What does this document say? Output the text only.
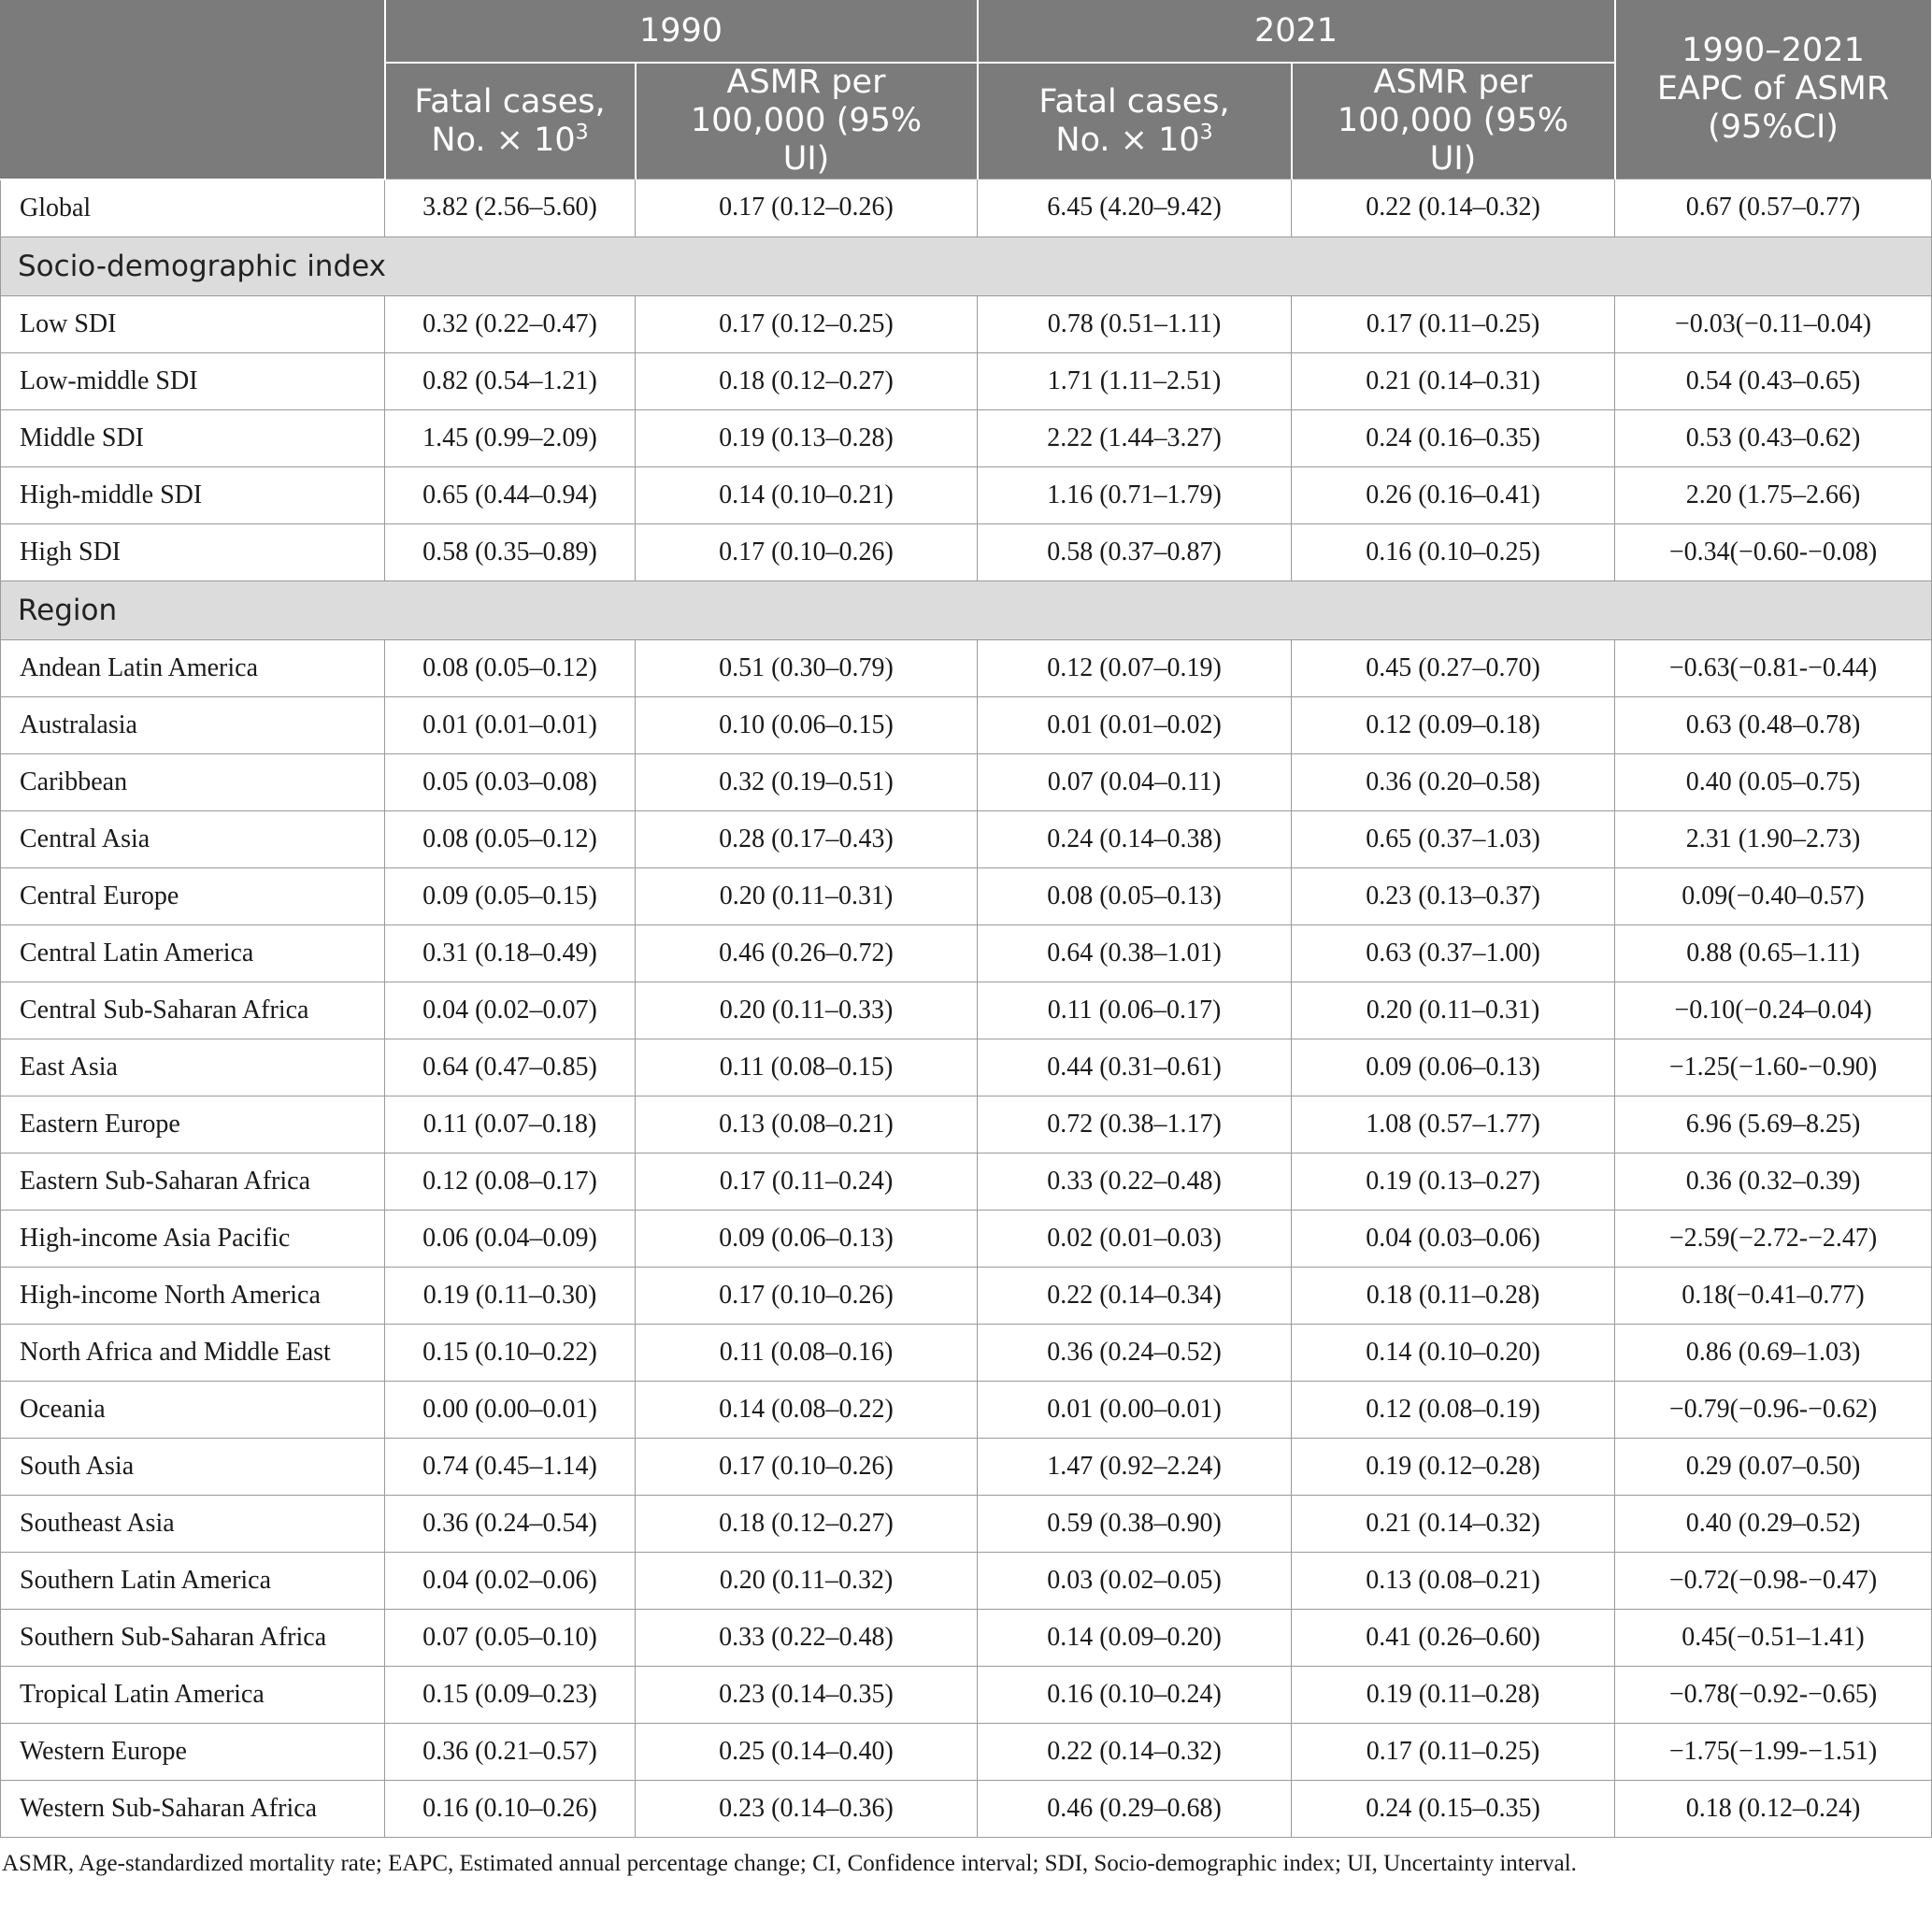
	1990		2021		1990–2021 EAPC of ASMR (95%CI)
	Fatal cases, No. × $10^3$	ASMR per 100,000 (95% UI)	Fatal cases, No. × $10^3$	ASMR per 100,000 (95% UI)	
Global	3.82 (2.56–5.60)	0.17 (0.12–0.26)	6.45 (4.20–9.42)	0.22 (0.14–0.32)	0.67 (0.57–0.77)
Socio-demographic index					
Low SDI	0.32 (0.22–0.47)	0.17 (0.12–0.25)	0.78 (0.51–1.11)	0.17 (0.11–0.25)	−0.03(−0.11–0.04)
Low-middle SDI	0.82 (0.54–1.21)	0.18 (0.12–0.27)	1.71 (1.11–2.51)	0.21 (0.14–0.31)	0.54 (0.43–0.65)
Middle SDI	1.45 (0.99–2.09)	0.19 (0.13–0.28)	2.22 (1.44–3.27)	0.24 (0.16–0.35)	0.53 (0.43–0.62)
High-middle SDI	0.65 (0.44–0.94)	0.14 (0.10–0.21)	1.16 (0.71–1.79)	0.26 (0.16–0.41)	2.20 (1.75–2.66)
High SDI	0.58 (0.35–0.89)	0.17 (0.10–0.26)	0.58 (0.37–0.87)	0.16 (0.10–0.25)	−0.34(−0.60-−0.08)
Region					
Andean Latin America	0.08 (0.05–0.12)	0.51 (0.30–0.79)	0.12 (0.07–0.19)	0.45 (0.27–0.70)	−0.63(−0.81-−0.44)
Australasia	0.01 (0.01–0.01)	0.10 (0.06–0.15)	0.01 (0.01–0.02)	0.12 (0.09–0.18)	0.63 (0.48–0.78)
Caribbean	0.05 (0.03–0.08)	0.32 (0.19–0.51)	0.07 (0.04–0.11)	0.36 (0.20–0.58)	0.40 (0.05–0.75)
Central Asia	0.08 (0.05–0.12)	0.28 (0.17–0.43)	0.24 (0.14–0.38)	0.65 (0.37–1.03)	2.31 (1.90–2.73)
Central Europe	0.09 (0.05–0.15)	0.20 (0.11–0.31)	0.08 (0.05–0.13)	0.23 (0.13–0.37)	0.09(−0.40–0.57)
Central Latin America	0.31 (0.18–0.49)	0.46 (0.26–0.72)	0.64 (0.38–1.01)	0.63 (0.37–1.00)	0.88 (0.65–1.11)
Central Sub-Saharan Africa	0.04 (0.02–0.07)	0.20 (0.11–0.33)	0.11 (0.06–0.17)	0.20 (0.11–0.31)	−0.10(−0.24–0.04)
East Asia	0.64 (0.47–0.85)	0.11 (0.08–0.15)	0.44 (0.31–0.61)	0.09 (0.06–0.13)	−1.25(−1.60-−0.90)
Eastern Europe	0.11 (0.07–0.18)	0.13 (0.08–0.21)	0.72 (0.38–1.17)	1.08 (0.57–1.77)	6.96 (5.69–8.25)
Eastern Sub-Saharan Africa	0.12 (0.08–0.17)	0.17 (0.11–0.24)	0.33 (0.22–0.48)	0.19 (0.13–0.27)	0.36 (0.32–0.39)
High-income Asia Pacific	0.06 (0.04–0.09)	0.09 (0.06–0.13)	0.02 (0.01–0.03)	0.04 (0.03–0.06)	−2.59(−2.72-−2.47)
High-income North America	0.19 (0.11–0.30)	0.17 (0.10–0.26)	0.22 (0.14–0.34)	0.18 (0.11–0.28)	0.18(−0.41–0.77)
North Africa and Middle East	0.15 (0.10–0.22)	0.11 (0.08–0.16)	0.36 (0.24–0.52)	0.14 (0.10–0.20)	0.86 (0.69–1.03)
Oceania	0.00 (0.00–0.01)	0.14 (0.08–0.22)	0.01 (0.00–0.01)	0.12 (0.08–0.19)	−0.79(−0.96-−0.62)
South Asia	0.74 (0.45–1.14)	0.17 (0.10–0.26)	1.47 (0.92–2.24)	0.19 (0.12–0.28)	0.29 (0.07–0.50)
Southeast Asia	0.36 (0.24–0.54)	0.18 (0.12–0.27)	0.59 (0.38–0.90)	0.21 (0.14–0.32)	0.40 (0.29–0.52)
Southern Latin America	0.04 (0.02–0.06)	0.20 (0.11–0.32)	0.03 (0.02–0.05)	0.13 (0.08–0.21)	−0.72(−0.98-−0.47)
Southern Sub-Saharan Africa	0.07 (0.05–0.10)	0.33 (0.22–0.48)	0.14 (0.09–0.20)	0.41 (0.26–0.60)	0.45(−0.51–1.41)
Tropical Latin America	0.15 (0.09–0.23)	0.23 (0.14–0.35)	0.16 (0.10–0.24)	0.19 (0.11–0.28)	−0.78(−0.92-−0.65)
Western Europe	0.36 (0.21–0.57)	0.25 (0.14–0.40)	0.22 (0.14–0.32)	0.17 (0.11–0.25)	−1.75(−1.99-−1.51)
Western Sub-Saharan Africa	0.16 (0.10–0.26)	0.23 (0.14–0.36)	0.46 (0.29–0.68)	0.24 (0.15–0.35)	0.18 (0.12–0.24)
ASMR, Age-standardized mortality rate; EAPC, Estimated annual percentage change; CI, Confidence interval; SDI, Socio-demographic index; UI, Uncertainty interval.
